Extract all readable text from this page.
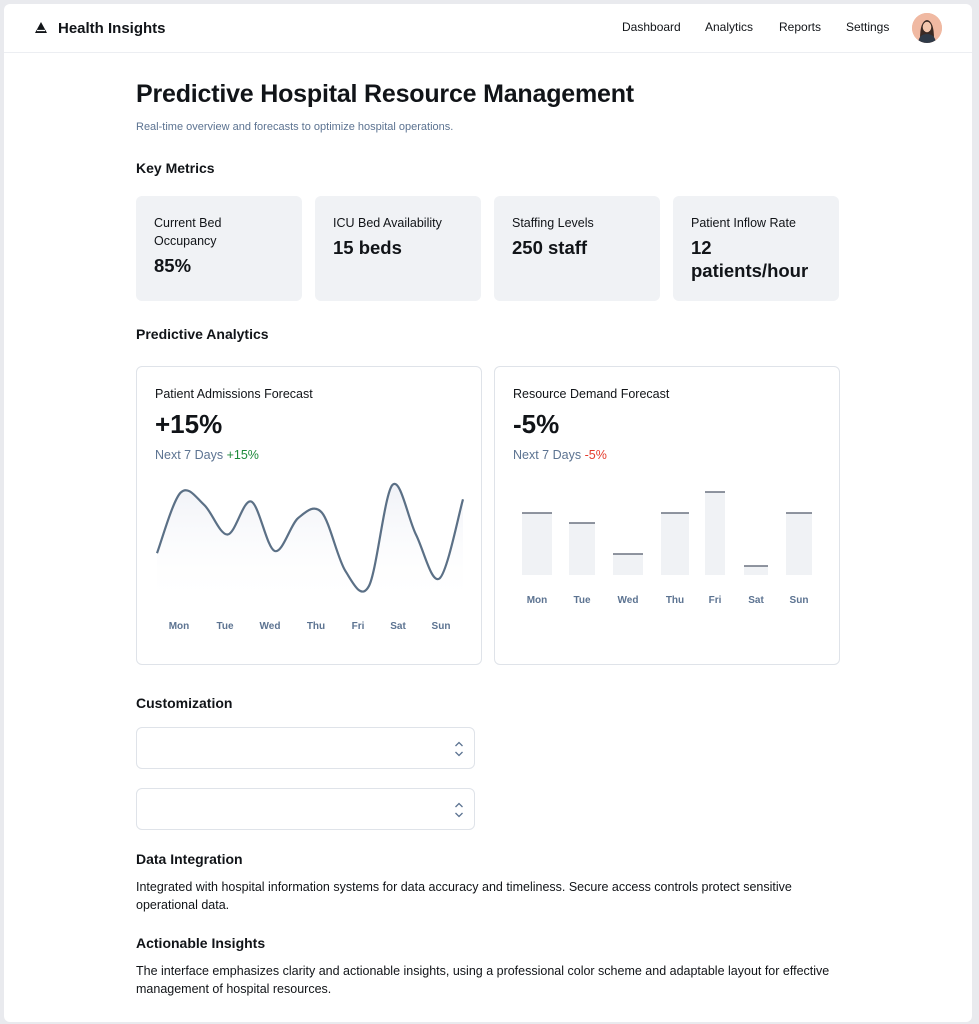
Health Insights	Dashboard Analytics Reports Settings
Predictive Hospital Resource Management
Real-time overview and forecasts to optimize hospital operations.
Key Metrics
Current Bed Occupancy
85%
ICU Bed Availability
15 beds
Staffing Levels
250 staff
Patient Inflow Rate
12 patients/hour
Predictive Analytics
Patient Admissions Forecast
+15%
Next 7 Days +15%
Mon	Tue	Wed	Thu	Fri	Sat	Sun
Resource Demand Forecast
-5%
Next 7 Days -5%
Mon	Tue	Wed	Thu Fri	Sat	Sun
Customization
Data Integration

Integrated with hospital information systems for data accuracy and timeliness. Secure access controls protect sensitive operational data.

Actionable Insights

The interface emphasizes clarity and actionable insights, using a professional color scheme and adaptable layout for effective management of hospital resources.
